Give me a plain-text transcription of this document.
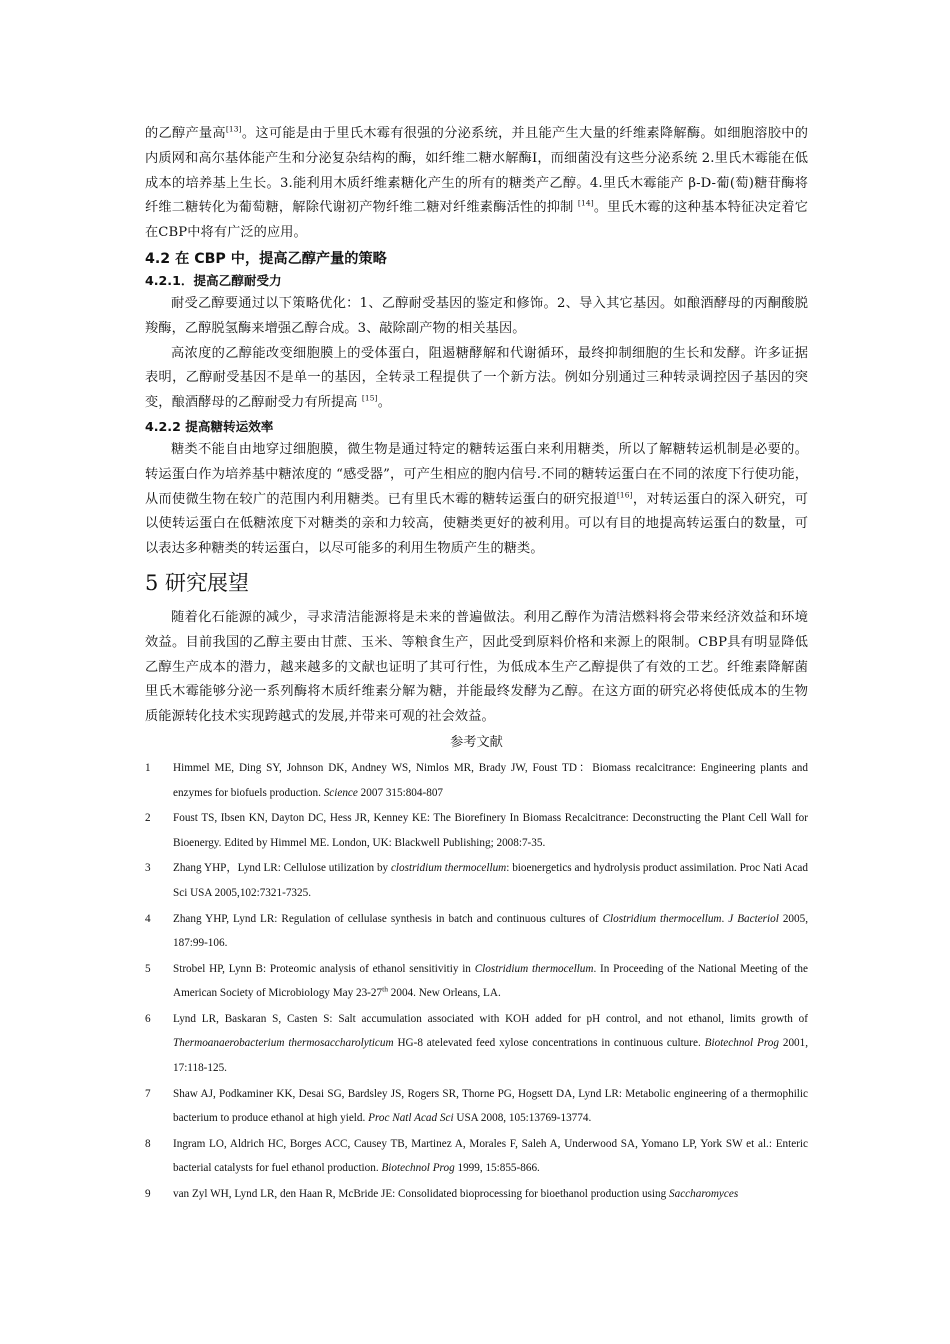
的乙醇产量高[13]。这可能是由于里氏木霉有很强的分泌系统，并且能产生大量的纤维素降解酶。如细胞溶胶中的内质网和高尔基体能产生和分泌复杂结构的酶，如纤维二糖水解酶Ⅰ，而细菌没有这些分泌系统 2.里氏木霉能在低成本的培养基上生长。3.能利用木质纤维素糖化产生的所有的糖类产乙醇。4.里氏木霉能产 β-D-葡(萄)糖苷酶将纤维二糖转化为葡萄糖，解除代谢初产物纤维二糖对纤维素酶活性的抑制 [14]。里氏木霉的这种基本特征决定着它在CBP中将有广泛的应用。

4.2 在 CBP 中，提高乙醇产量的策略
4.2.1．提高乙醇耐受力

耐受乙醇要通过以下策略优化：1、乙醇耐受基因的鉴定和修饰。2、导入其它基因。如酿酒酵母的丙酮酸脱羧酶，乙醇脱氢酶来增强乙醇合成。3、敲除副产物的相关基因。

高浓度的乙醇能改变细胞膜上的受体蛋白，阻遏糖酵解和代谢循环，最终抑制细胞的生长和发酵。许多证据表明，乙醇耐受基因不是单一的基因，全转录工程提供了一个新方法。例如分别通过三种转录调控因子基因的突变，酿酒酵母的乙醇耐受力有所提高 [15]。

4.2.2 提高糖转运效率

糖类不能自由地穿过细胞膜，微生物是通过特定的糖转运蛋白来利用糖类，所以了解糖转运机制是必要的。转运蛋白作为培养基中糖浓度的 “感受器”，可产生相应的胞内信号.不同的糖转运蛋白在不同的浓度下行使功能，从而使微生物在较广的范围内利用糖类。已有里氏木霉的糖转运蛋白的研究报道[16]，对转运蛋白的深入研究，可以使转运蛋白在低糖浓度下对糖类的亲和力较高，使糖类更好的被利用。可以有目的地提高转运蛋白的数量，可以表达多种糖类的转运蛋白，以尽可能多的利用生物质产生的糖类。

5 研究展望

随着化石能源的减少，寻求清洁能源将是未来的普遍做法。利用乙醇作为清洁燃料将会带来经济效益和环境效益。目前我国的乙醇主要由甘蔗、玉米、等粮食生产，因此受到原料价格和来源上的限制。CBP具有明显降低乙醇生产成本的潜力，越来越多的文献也证明了其可行性，为低成本生产乙醇提供了有效的工艺。纤维素降解菌里氏木霉能够分泌一系列酶将木质纤维素分解为糖，并能最终发酵为乙醇。在这方面的研究必将使低成本的生物质能源转化技术实现跨越式的发展,并带来可观的社会效益。

参考文献

1	Himmel ME, Ding SY, Johnson DK, Andney WS, Nimlos MR, Brady JW, Foust TD：Biomass recalcitrance: Engineering plants and enzymes for biofuels production. Science 2007 315:804-807
2	Foust TS, Ibsen KN, Dayton DC, Hess JR, Kenney KE: The Biorefinery In Biomass Recalcitrance: Deconstructing the Plant Cell Wall for Bioenergy. Edited by Himmel ME. London, UK: Blackwell Publishing; 2008:7-35.
3	Zhang YHP，Lynd LR: Cellulose utilization by clostridium thermocellum: bioenergetics and hydrolysis product assimilation. Proc Nati Acad Sci USA 2005,102:7321-7325.
4	Zhang YHP, Lynd LR: Regulation of cellulase synthesis in batch and continuous cultures of Clostridium thermocellum. J Bacteriol 2005, 187:99-106.
5	Strobel HP, Lynn B: Proteomic analysis of ethanol sensitivitiy in Clostridium thermocellum. In Proceeding of the National Meeting of the American Society of Microbiology May 23-27th 2004. New Orleans, LA.
6	Lynd LR, Baskaran S, Casten S: Salt accumulation associated with KOH added for pH control, and not ethanol, limits growth of Thermoanaerobacterium thermosaccharolyticum HG-8 atelevated feed xylose concentrations in continuous culture. Biotechnol Prog 2001, 17:118-125.
7	Shaw AJ, Podkaminer KK, Desai SG, Bardsley JS, Rogers SR, Thorne PG, Hogsett DA, Lynd LR: Metabolic engineering of a thermophilic bacterium to produce ethanol at high yield. Proc Natl Acad Sci USA 2008, 105:13769-13774.
8	Ingram LO, Aldrich HC, Borges ACC, Causey TB, Martinez A, Morales F, Saleh A, Underwood SA, Yomano LP, York SW et al.: Enteric bacterial catalysts for fuel ethanol production. Biotechnol Prog 1999, 15:855-866.
9	van Zyl WH, Lynd LR, den Haan R, McBride JE: Consolidated bioprocessing for bioethanol production using Saccharomyces
